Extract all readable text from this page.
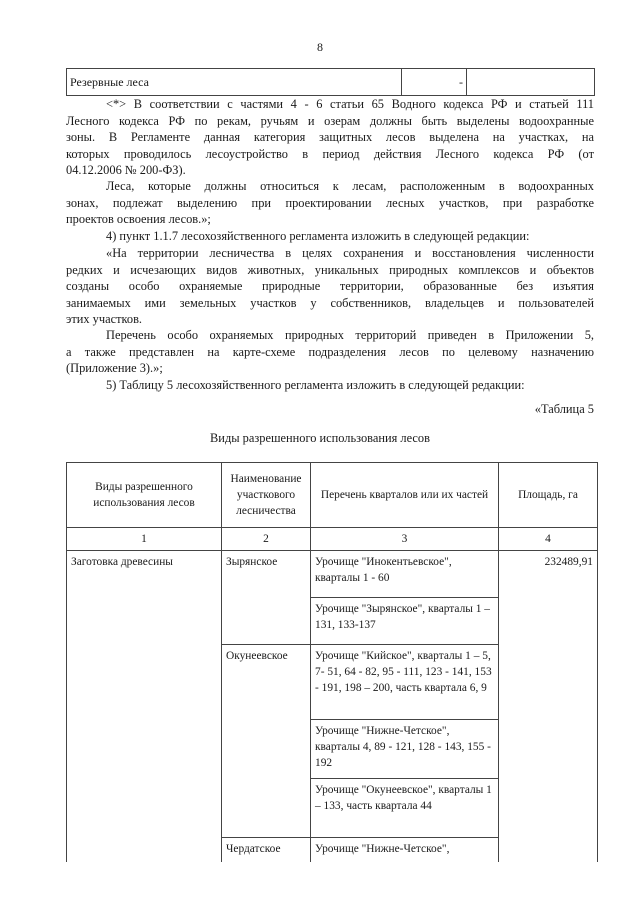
8
Резервные леса	-	

<*> В соответствии с частями 4 - 6 статьи 65 Водного кодекса РФ и статьей 111

Лесного кодекса РФ по рекам, ручьям и озерам должны быть выделены водоохранные

зоны. В Регламенте данная категория защитных лесов выделена на участках, на

которых проводилось лесоустройство в период действия Лесного кодекса РФ (от

04.12.2006 № 200-ФЗ).

Леса, которые должны относиться к лесам, расположенным в водоохранных

зонах, подлежат выделению при проектировании лесных участков, при разработке

проектов освоения лесов.»;

4) пункт 1.1.7 лесохозяйственного регламента изложить в следующей редакции:

«На территории лесничества в целях сохранения и восстановления численности

редких и исчезающих видов животных, уникальных природных комплексов и объектов

созданы особо охраняемые природные территории, образованные без изъятия

занимаемых ими земельных участков у собственников, владельцев и пользователей

этих участков.

Перечень особо охраняемых природных территорий приведен в Приложении 5,

а также представлен на карте-схеме подразделения лесов по целевому назначению

(Приложение 3).»;

5) Таблицу 5 лесохозяйственного регламента изложить в следующей редакции:

«Таблица 5
Виды разрешенного использования лесов
Виды разрешенного использования лесов	Наименование участкового лесничества	Перечень кварталов или их частей	Площадь, га
1	2	3	4
Заготовка древесины	Зырянское	Урочище "Инокентьевское", кварталы 1 - 60	232489,91
		Урочище "Зырянское", кварталы 1 – 131, 133-137	
	Окунеевское	Урочище "Кийское", кварталы 1 – 5, 7- 51, 64 - 82, 95 - 111, 123 - 141, 153 - 191, 198 – 200, часть квартала 6, 9	
		Урочище "Нижне-Четское", кварталы 4, 89 - 121, 128 - 143, 155 - 192	
		Урочище "Окунеевское", кварталы 1 – 133, часть квартала 44	
	Чердатское	Урочище "Нижне-Четское",	
